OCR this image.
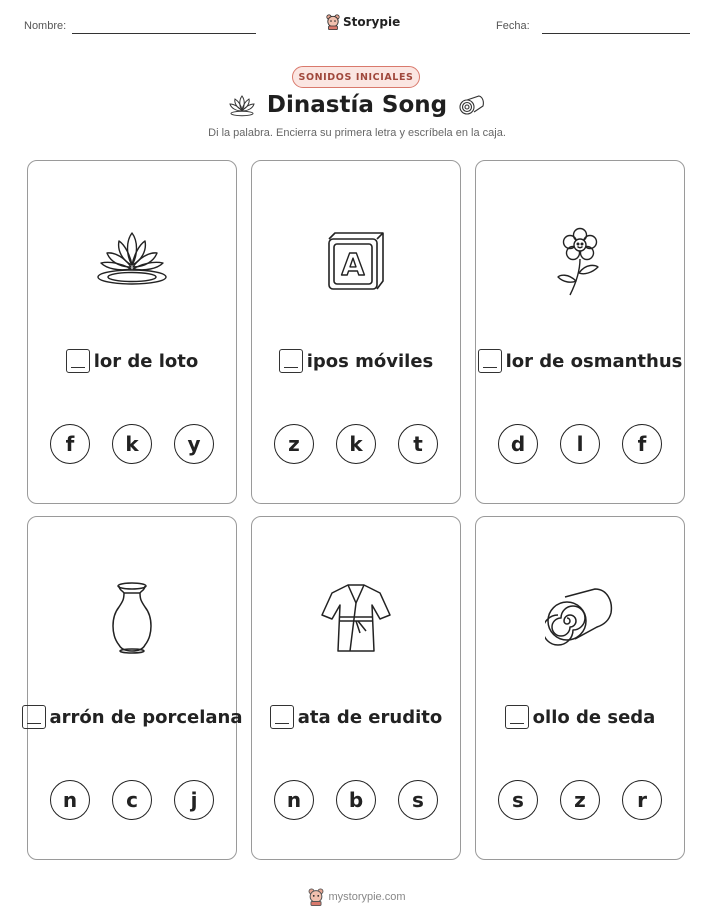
Nombre:	Storypie	Fecha:
SONIDOS INICIALES
Dinastía Song
Di la palabra. Encierra su primera letra y escríbela en la caja.
lor de loto
f	k	y
A
ipos móviles
z	k	t
lor de osmanthus
d	l	f
arrón de porcelana
n	c	j
ata de erudito
n	b	s
ollo de seda
s	z	r
mystorypie.com
